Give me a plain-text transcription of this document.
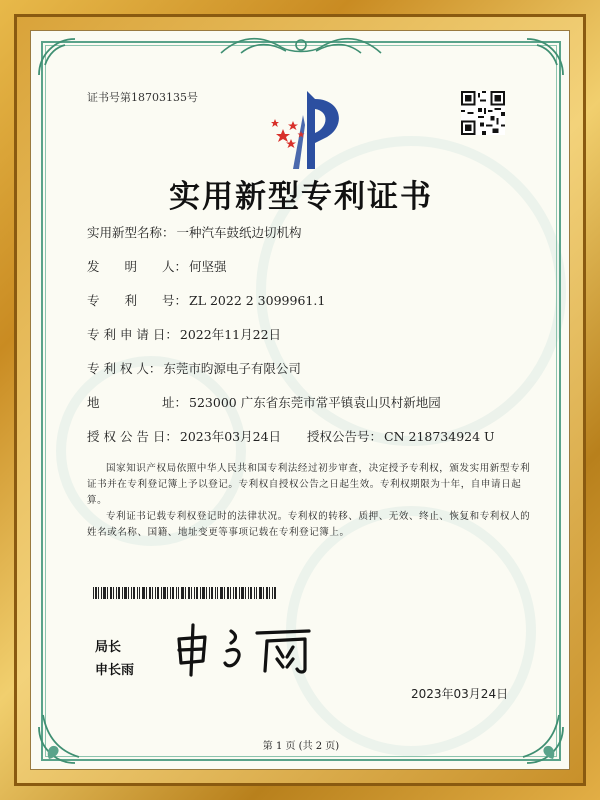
证书号第18703135号
实用新型专利证书
实用新型名称： 一种汽车鼓纸边切机构
发　　明　　人： 何坚强
专　　利　　号： ZL 2022 2 3099961.1
专 利 申 请 日： 2022年11月22日
专 利 权 人： 东莞市昀源电子有限公司
地　　　　　址： 523000 广东省东莞市常平镇袁山贝村新地园
授 权 公 告 日： 2023年03月24日 授权公告号： CN 218734924 U
国家知识产权局依照中华人民共和国专利法经过初步审查，决定授予专利权，颁发实用新型专利证书并在专利登记簿上予以登记。专利权自授权公告之日起生效。专利权期限为十年，自申请日起算。
专利证书记载专利权登记时的法律状况。专利权的转移、质押、无效、终止、恢复和专利权人的姓名或名称、国籍、地址变更等事项记载在专利登记簿上。
局长
申长雨
2023年03月24日
第 1 页 (共 2 页)
